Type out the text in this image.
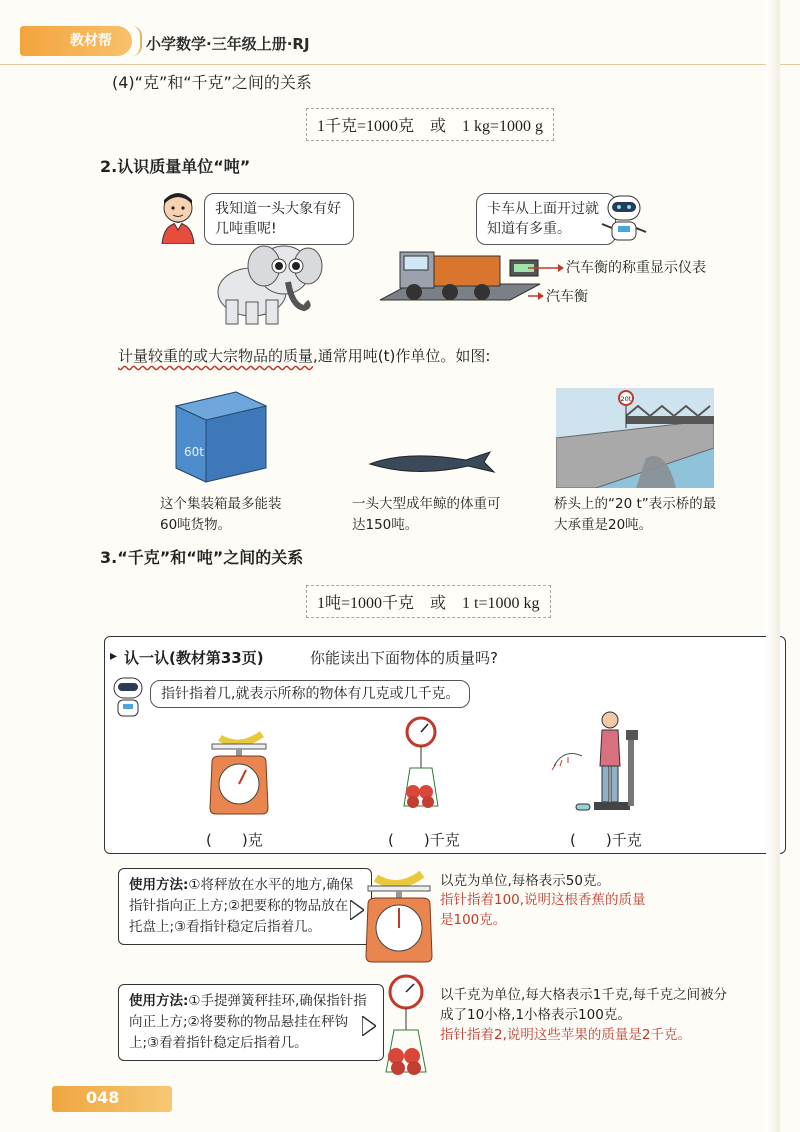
教材帮 小学数学·三年级上册·RJ
(4)“克”和“千克”之间的关系
1千克=1000克　或　1 kg=1000 g
2.认识质量单位“吨”
我知道一头大象有好几吨重呢!
卡车从上面开过就知道有多重。
汽车衡的称重显示仪表
汽车衡
计量较重的或大宗物品的质量,通常用吨(t)作单位。如图:
60t
20t
这个集装箱最多能装60吨货物。
一头大型成年鲸的体重可达150吨。
桥头上的“20 t”表示桥的最大承重是20吨。
3.“千克”和“吨”之间的关系
1吨=1000千克　或　1 t=1000 kg
▸ 认一认(教材第33页)	你能读出下面物体的质量吗?
指针指着几,就表示所称的物体有几克或几千克。
(　　)克	(　　)千克	(　　)千克
使用方法:①将秤放在水平的地方,确保指针指向正上方;②把要称的物品放在托盘上;③看指针稳定后指着几。
以克为单位,每格表示50克。
指针指着100,说明这根香蕉的质量是100克。
使用方法:①手提弹簧秤挂环,确保指针指向正上方;②将要称的物品悬挂在秤钩上;③看着指针稳定后指着几。
以千克为单位,每大格表示1千克,每千克之间被分成了10小格,1小格表示100克。
指针指着2,说明这些苹果的质量是2千克。
048
